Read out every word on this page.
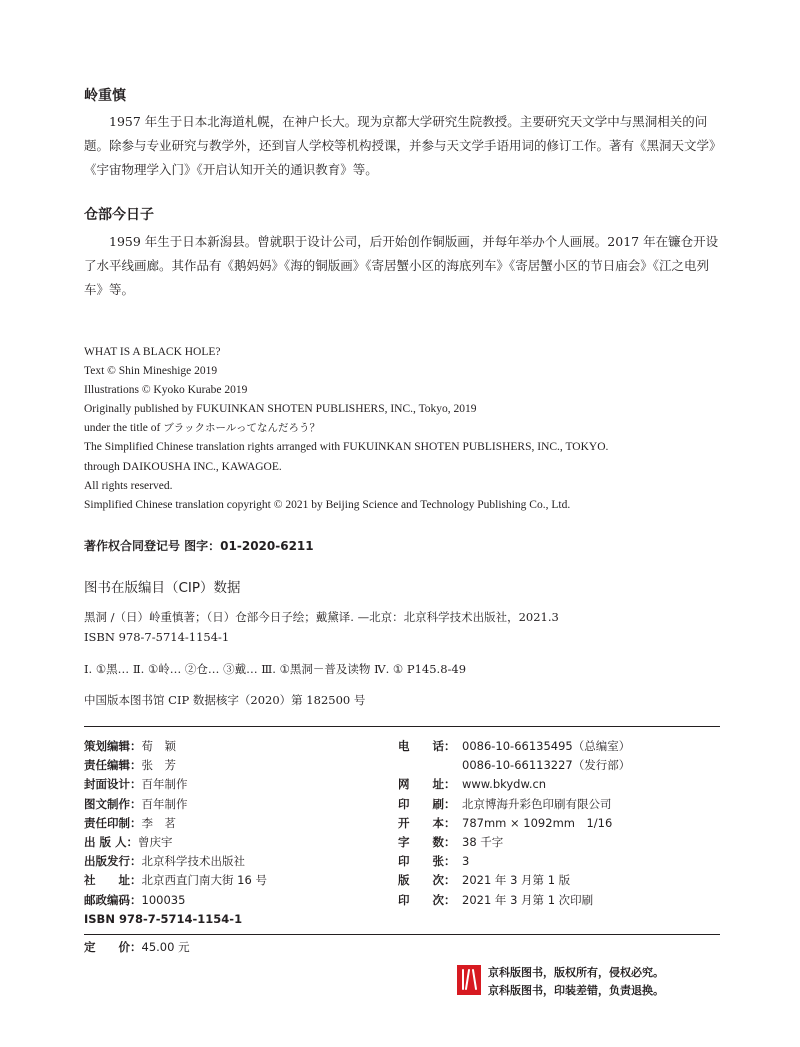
岭重慎
1957 年生于日本北海道札幌，在神户长大。现为京都大学研究生院教授。主要研究天文学中与黑洞相关的问题。除参与专业研究与教学外，还到盲人学校等机构授课，并参与天文学手语用词的修订工作。著有《黑洞天文学》《宇宙物理学入门》《开启认知开关的通识教育》等。
仓部今日子
1959 年生于日本新潟县。曾就职于设计公司，后开始创作铜版画，并每年举办个人画展。2017 年在镰仓开设了水平线画廊。其作品有《鹅妈妈》《海的铜版画》《寄居蟹小区的海底列车》《寄居蟹小区的节日庙会》《江之电列车》等。
WHAT IS A BLACK HOLE?
Text © Shin Mineshige 2019
Illustrations © Kyoko Kurabe 2019
Originally published by FUKUINKAN SHOTEN PUBLISHERS, INC., Tokyo, 2019
under the title of ブラックホールってなんだろう？
The Simplified Chinese translation rights arranged with FUKUINKAN SHOTEN PUBLISHERS, INC., TOKYO.
through DAIKOUSHA INC., KAWAGOE.
All rights reserved.
Simplified Chinese translation copyright © 2021 by Beijing Science and Technology Publishing Co., Ltd.
著作权合同登记号 图字：01-2020-6211
图书在版编目（CIP）数据
黑洞 /（日）岭重慎著；（日）仓部今日子绘；戴黛译. —北京：北京科学技术出版社，2021.3
ISBN 978-7-5714-1154-1
Ⅰ. ①黑… Ⅱ. ①岭… ②仓… ③戴… Ⅲ. ①黑洞－普及读物 Ⅳ. ① P145.8-49
中国版本图书馆 CIP 数据核字（2020）第 182500 号
策划编辑：荀　颖
责任编辑：张　芳
封面设计：百年制作
图文制作：百年制作
责任印制：李　茗
出 版 人：曾庆宇
出版发行：北京科学技术出版社
社　　址：北京西直门南大街 16 号
邮政编码：100035
ISBN 978-7-5714-1154-1
电　　话： 0086-10-66135495（总编室）
0086-10-66113227（发行部）
网　　址： www.bkydw.cn
印　　刷： 北京博海升彩色印刷有限公司
开　　本： 787mm × 1092mm　1/16
字　　数： 38 千字
印　　张： 3
版　　次： 2021 年 3 月第 1 版
印　　次： 2021 年 3 月第 1 次印刷
定　　价：45.00 元
京科版图书，版权所有，侵权必究。
京科版图书，印装差错，负责退换。
